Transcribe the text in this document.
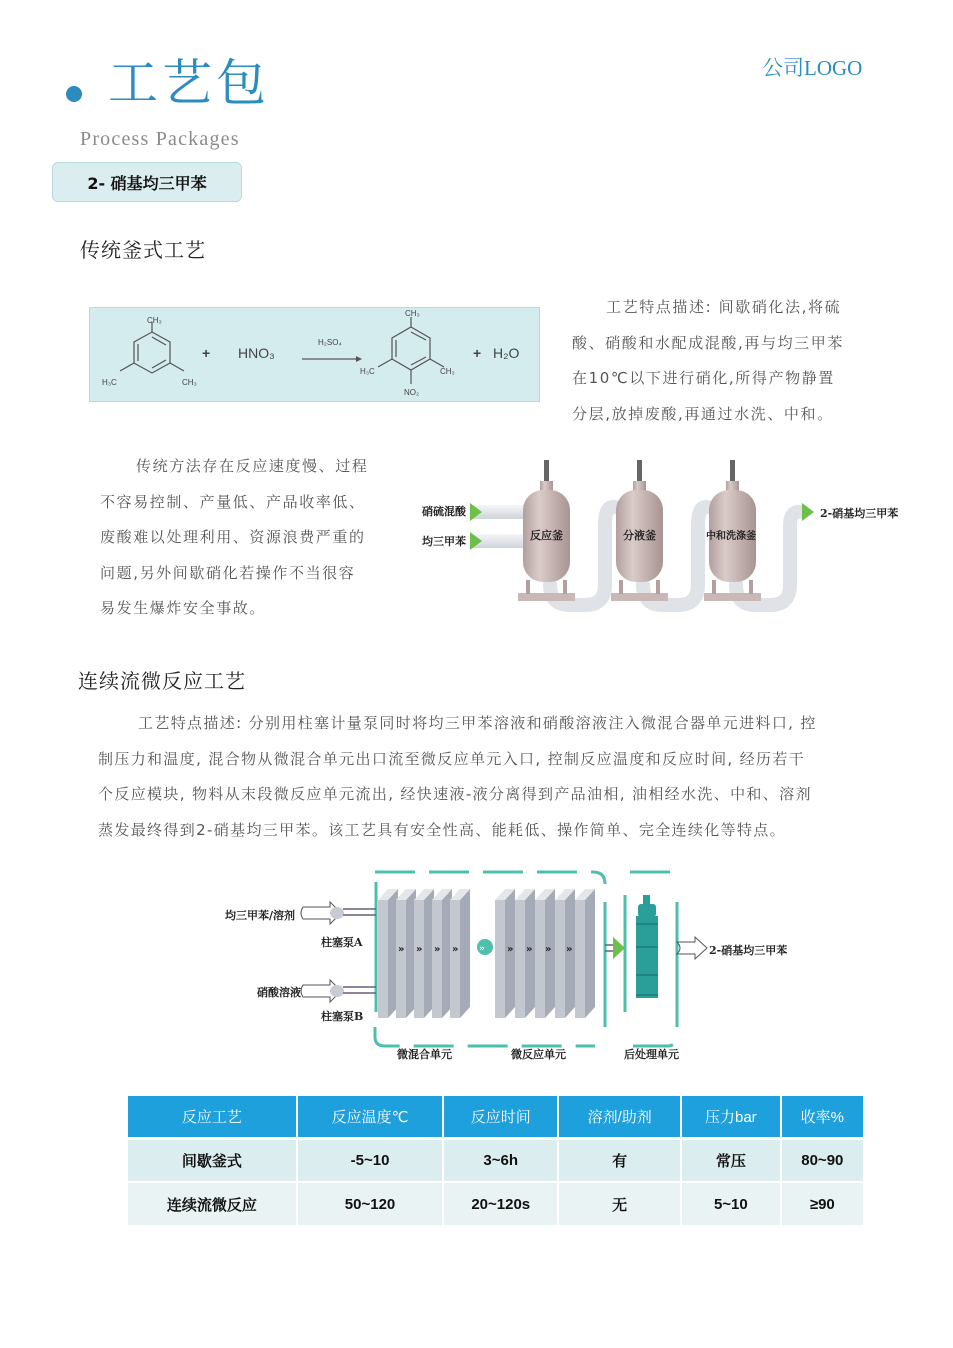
工艺包
Process Packages
公司LOGO
2- 硝基均三甲苯
传统釜式工艺
CH₃
H₃C	CH₃
+ HNO₃
H₂SO₄
CH₃
H₃C	CH₃
NO₂
+ H₂O
工艺特点描述: 间歇硝化法,将硫
酸、硝酸和水配成混酸,再与均三甲苯
在10℃以下进行硝化,所得产物静置
分层,放掉废酸,再通过水洗、中和。
传统方法存在反应速度慢、过程
不容易控制、产量低、产品收率低、
废酸难以处理利用、资源浪费严重的
问题,另外间歇硝化若操作不当很容
易发生爆炸安全事故。
硝硫混酸
均三甲苯	反应釜	分液釜	中和洗涤釜
2-硝基均三甲苯
连续流微反应工艺
工艺特点描述: 分别用柱塞计量泵同时将均三甲苯溶液和硝酸溶液注入微混合器单元进料口, 控
制压力和温度, 混合物从微混合单元出口流至微反应单元入口, 控制反应温度和反应时间, 经历若干
个反应模块, 物料从末段微反应单元流出, 经快速液-液分离得到产品油相, 油相经水洗、中和、溶剂
蒸发最终得到2-硝基均三甲苯。该工艺具有安全性高、能耗低、操作简单、完全连续化等特点。
»
» » » »	» » » »
均三甲苯/溶剂
柱塞泵A
硝酸溶液
柱塞泵B
微混合单元	微反应单元	后处理单元
2-硝基均三甲苯
反应工艺	反应温度℃	反应时间	溶剂/助剂	压力bar	收率%
间歇釜式	-5~10	3~6h	有	常压	80~90
连续流微反应	50~120	20~120s	无	5~10	≥90
